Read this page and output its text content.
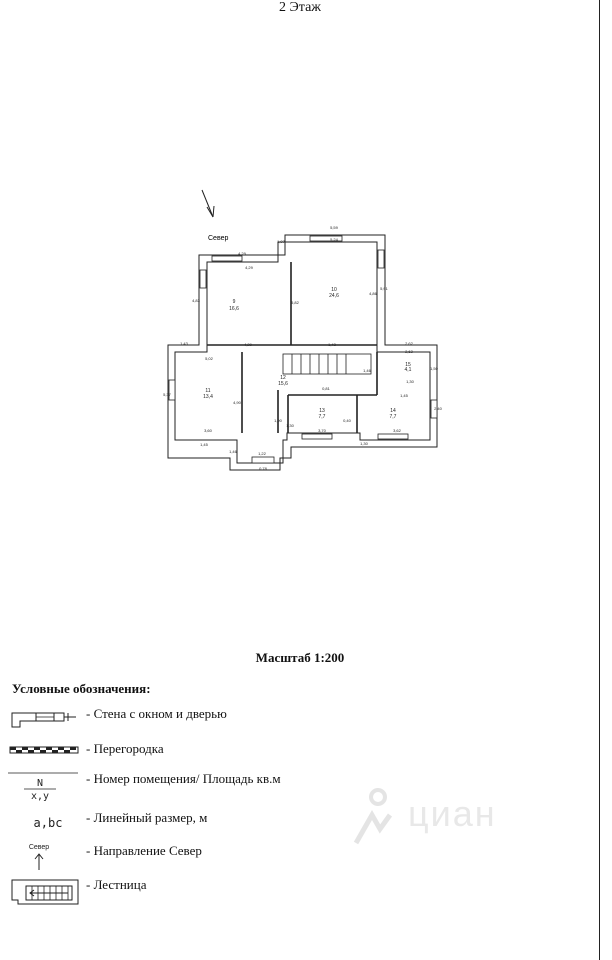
2 Этаж
Север
9
16,6
10
24,6
11
13,4
12
15,6
13
7,7
14
7,7
15
4,1
5,59
5,24
4,29
5,82
4,83
4,29
5,91
4,86
1,43
3,60
5,37
1,45
5,02
4,29	1,43
0,81
2,62
2,62
1,50
1,30
3,62
4,90
1,30
1,30
3,70
1,90
1,45
2,40
1,22
0,78
1,46
0,40
1,46
1,07
Масштаб 1:200
Условные обозначения:
- Стена с окном и дверью
- Перегородка
N
x,y
- Номер помещения/ Площадь кв.м
a,bc - Линейный размер, м
Север	- Направление Север
- Лестница
циан
